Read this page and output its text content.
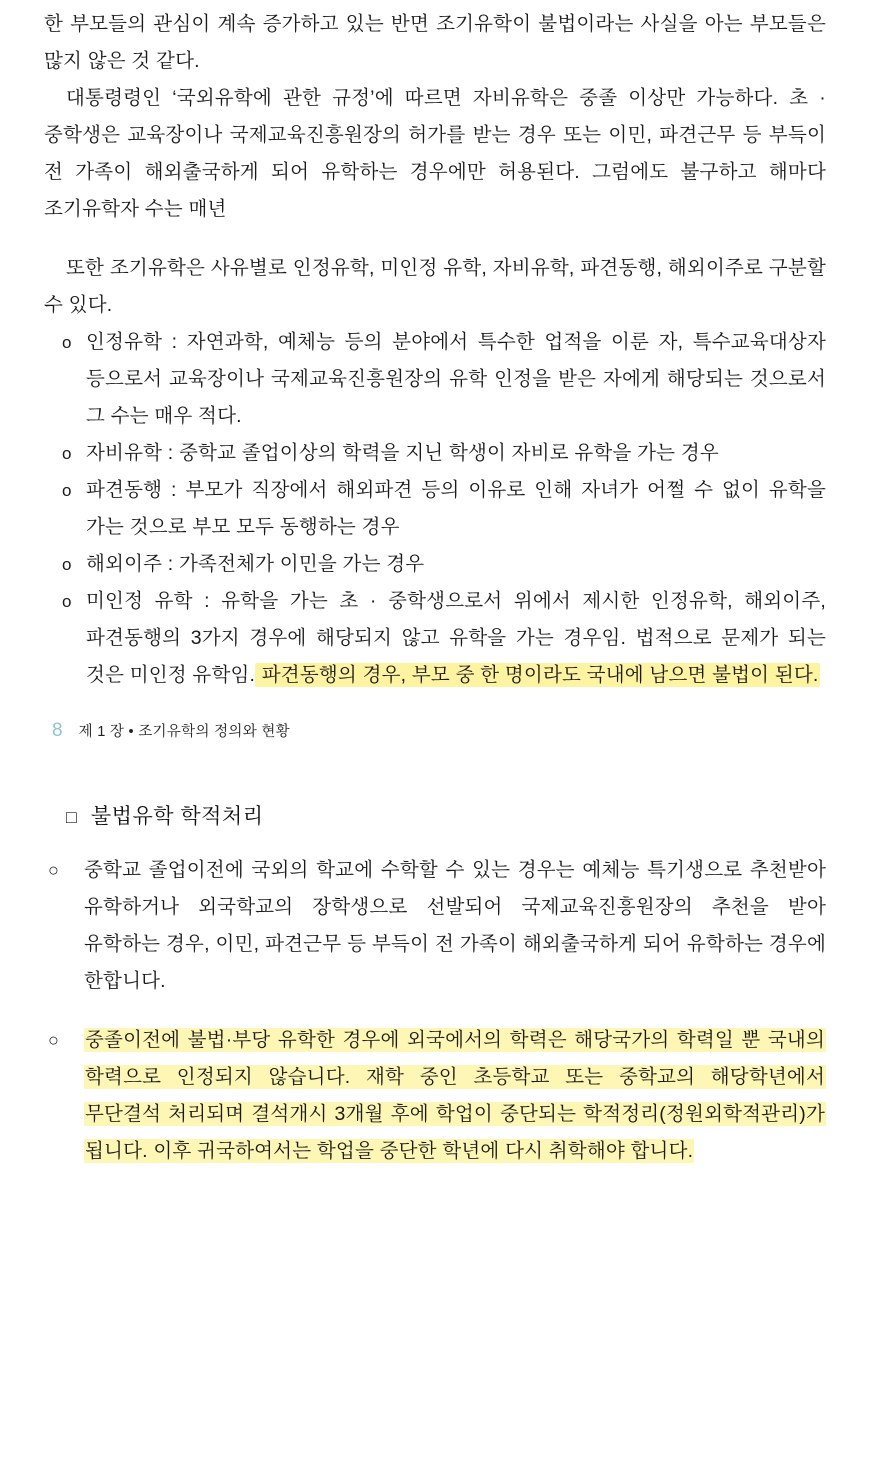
한 부모들의 관심이 계속 증가하고 있는 반면 조기유학이 불법이라는 사실을 아는 부모들은 많지 않은 것 같다.

대통령령인 ‘국외유학에 관한 규정’에 따르면 자비유학은 중졸 이상만 가능하다. 초 · 중학생은 교육장이나 국제교육진흥원장의 허가를 받는 경우 또는 이민, 파견근무 등 부득이 전 가족이 해외출국하게 되어 유학하는 경우에만 허용된다. 그럼에도 불구하고 해마다 조기유학자 수는 매년

또한 조기유학은 사유별로 인정유학, 미인정 유학, 자비유학, 파견동행, 해외이주로 구분할 수 있다.

o 인정유학 : 자연과학, 예체능 등의 분야에서 특수한 업적을 이룬 자, 특수교육대상자 등으로서 교육장이나 국제교육진흥원장의 유학 인정을 받은 자에게 해당되는 것으로서 그 수는 매우 적다.
o 자비유학 : 중학교 졸업이상의 학력을 지닌 학생이 자비로 유학을 가는 경우
o 파견동행 : 부모가 직장에서 해외파견 등의 이유로 인해 자녀가 어쩔 수 없이 유학을 가는 것으로 부모 모두 동행하는 경우
o 해외이주 : 가족전체가 이민을 가는 경우
o 미인정 유학 : 유학을 가는 초 · 중학생으로서 위에서 제시한 인정유학, 해외이주, 파견동행의 3가지 경우에 해당되지 않고 유학을 가는 경우임. 법적으로 문제가 되는 것은 미인정 유학임. 파견동행의 경우, 부모 중 한 명이라도 국내에 남으면 불법이 된다.
8 제 1 장 • 조기유학의 정의와 현황
□ 불법유학 학적처리
○ 중학교 졸업이전에 국외의 학교에 수학할 수 있는 경우는 예체능 특기생으로 추천받아 유학하거나 외국학교의 장학생으로 선발되어 국제교육진흥원장의 추천을 받아 유학하는 경우, 이민, 파견근무 등 부득이 전 가족이 해외출국하게 되어 유학하는 경우에 한합니다.
○ 중졸이전에 불법·부당 유학한 경우에 외국에서의 학력은 해당국가의 학력일 뿐 국내의 학력으로 인정되지 않습니다. 재학 중인 초등학교 또는 중학교의 해당학년에서 무단결석 처리되며 결석개시 3개월 후에 학업이 중단되는 학적정리(정원외학적관리)가 됩니다. 이후 귀국하여서는 학업을 중단한 학년에 다시 취학해야 합니다.
